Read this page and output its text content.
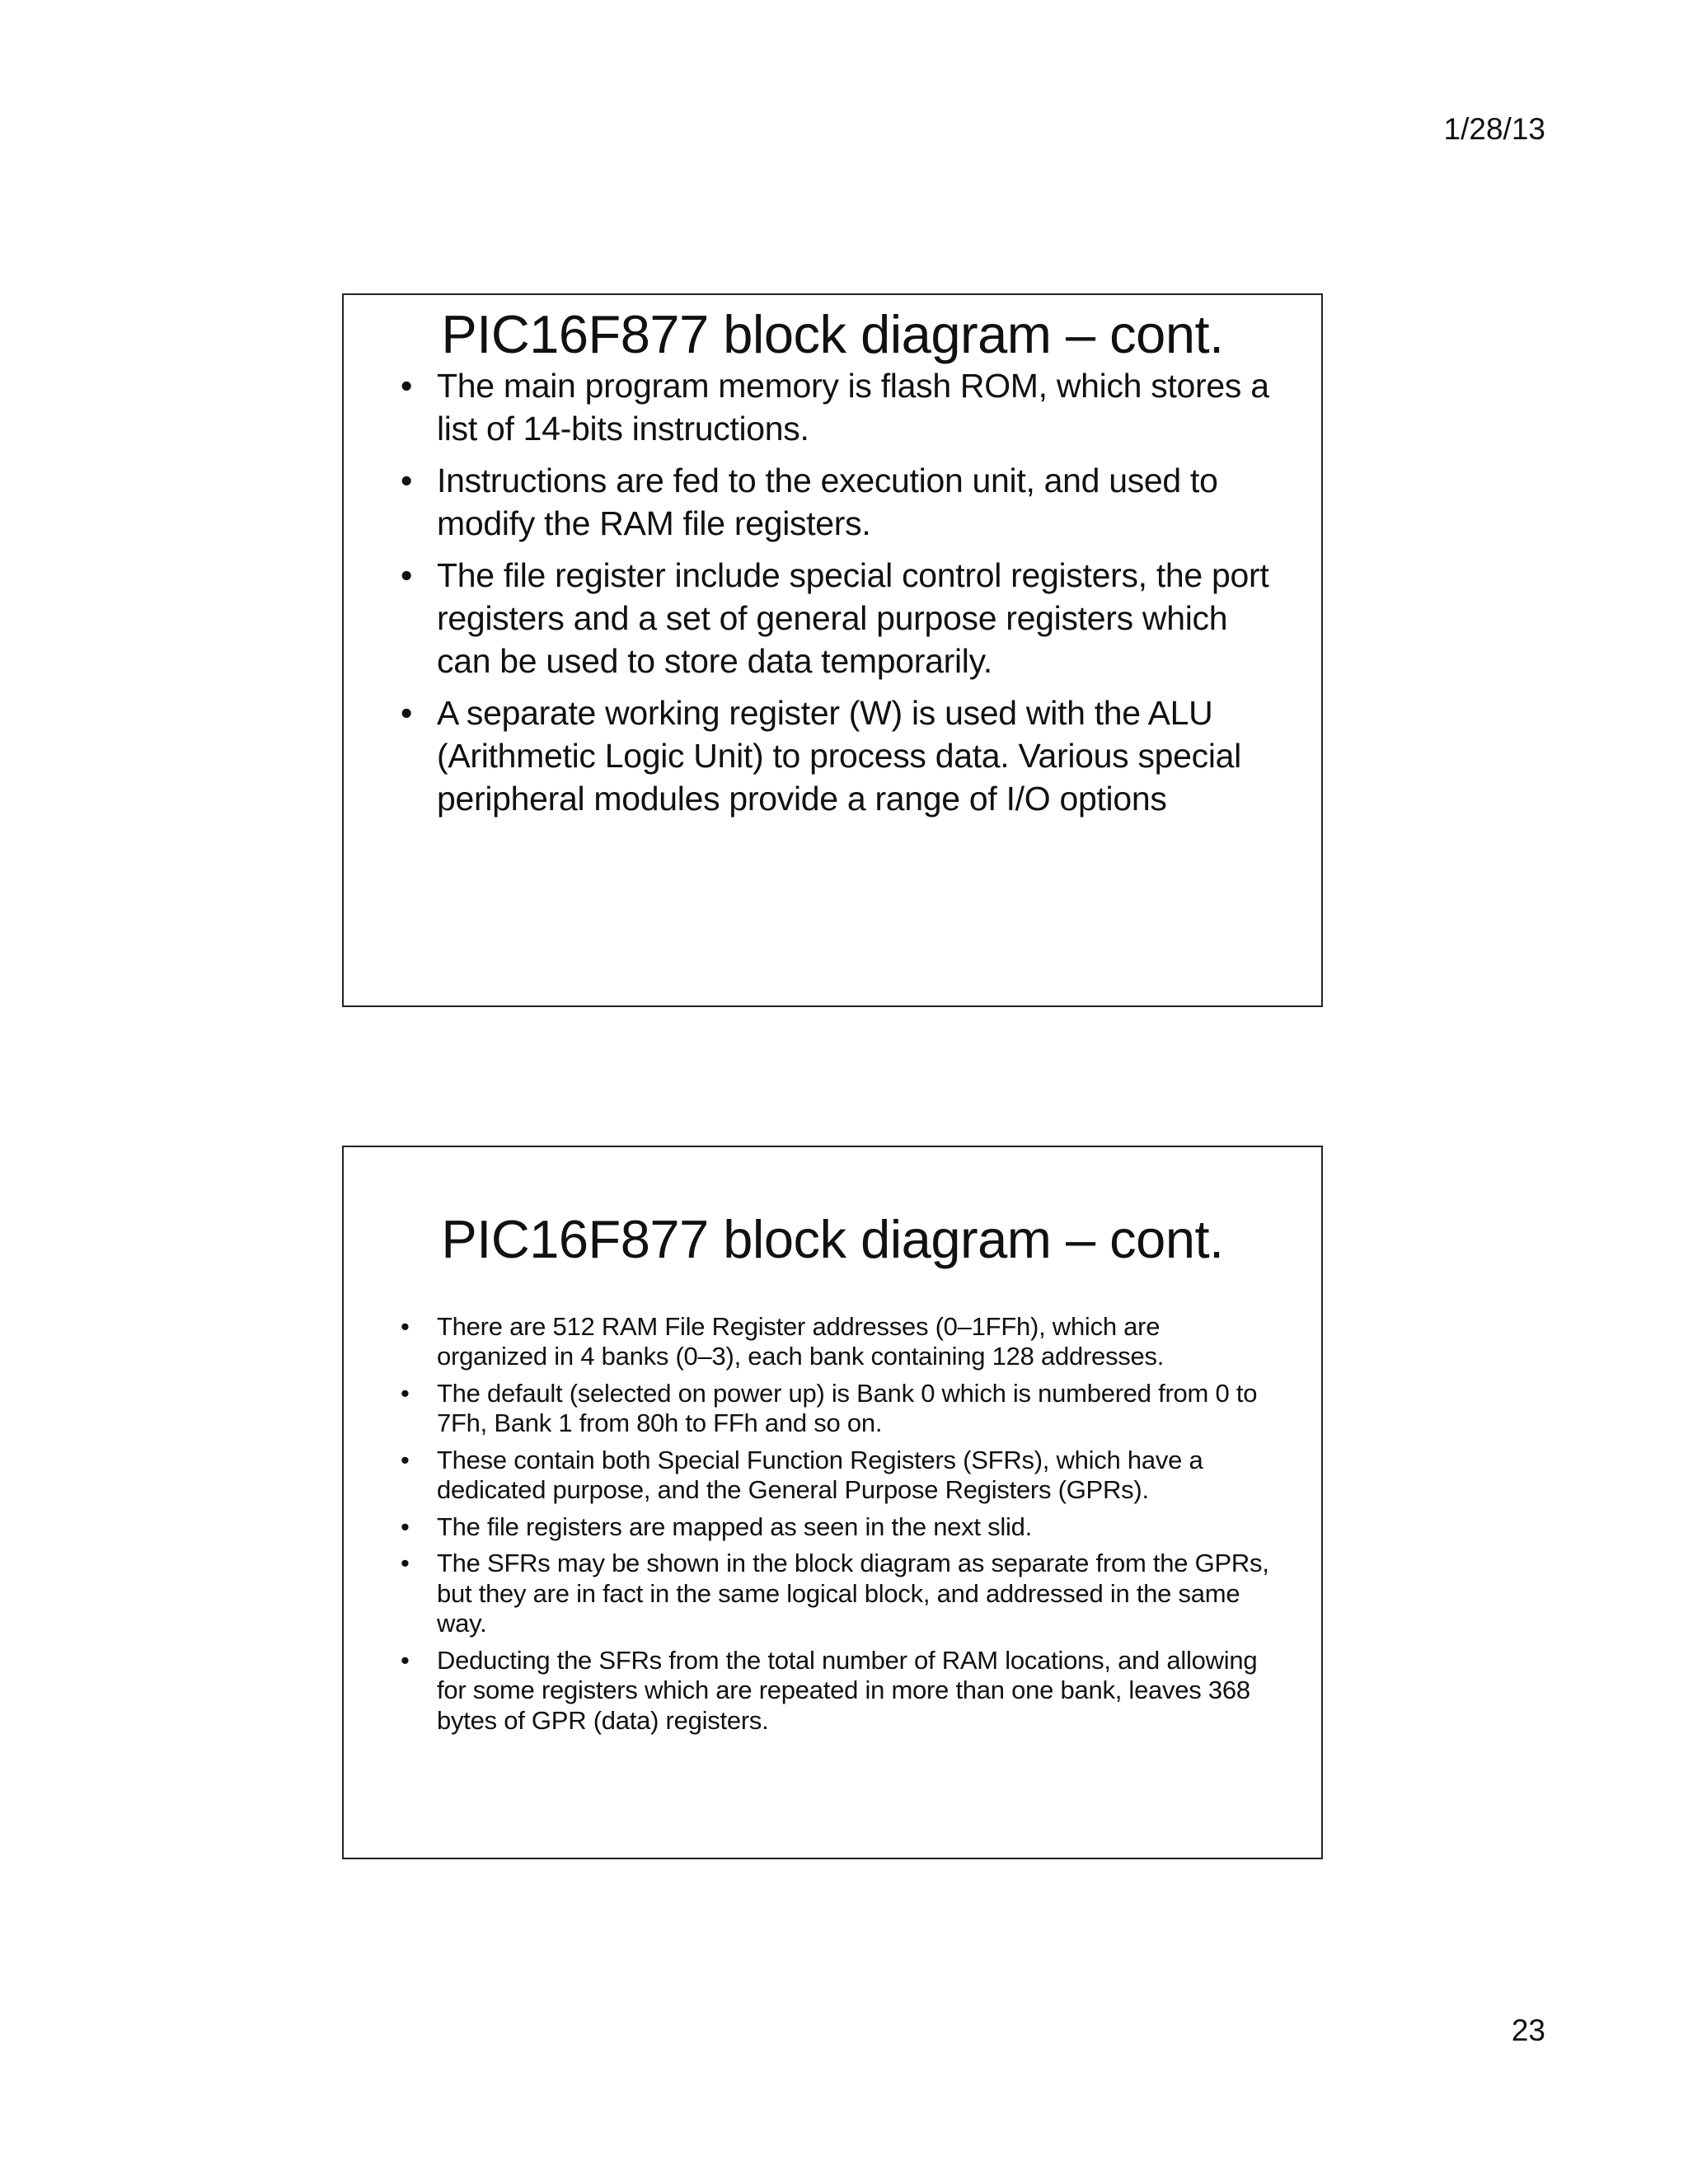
1/28/13
PIC16F877 block diagram – cont.
• The main program memory is flash ROM, which stores a list of 14-bits instructions.
• Instructions are fed to the execution unit, and used to modify the RAM file registers.
• The file register include special control registers, the port registers and a set of general purpose registers which can be used to store data temporarily.
• A separate working register (W) is used with the ALU (Arithmetic Logic Unit) to process data. Various special peripheral modules provide a range of I/O options
PIC16F877 block diagram – cont.
• There are 512 RAM File Register addresses (0–1FFh), which are organized in 4 banks (0–3), each bank containing 128 addresses.
• The default (selected on power up) is Bank 0 which is numbered from 0 to 7Fh, Bank 1 from 80h to FFh and so on.
• These contain both Special Function Registers (SFRs), which have a dedicated purpose, and the General Purpose Registers (GPRs).
• The file registers are mapped as seen in the next slid.
• The SFRs may be shown in the block diagram as separate from the GPRs, but they are in fact in the same logical block, and addressed in the same way.
• Deducting the SFRs from the total number of RAM locations, and allowing for some registers which are repeated in more than one bank, leaves 368 bytes of GPR (data) registers.
23
